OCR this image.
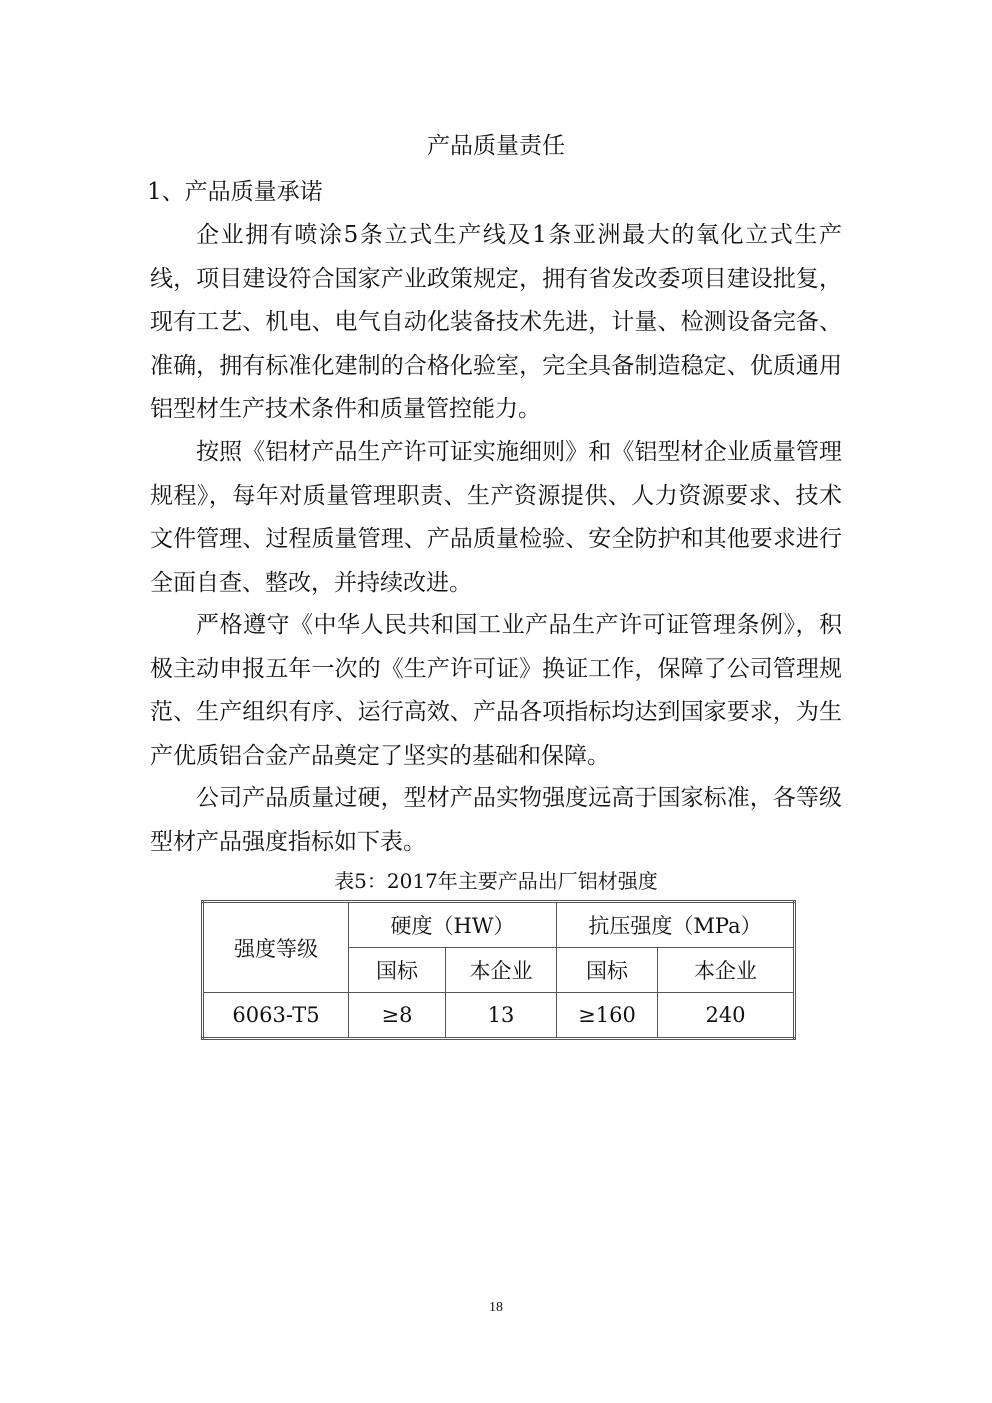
产品质量责任
1、产品质量承诺

企业拥有喷涂5条立式生产线及1条亚洲最大的氧化立式生产线，项目建设符合国家产业政策规定，拥有省发改委项目建设批复，现有工艺、机电、电气自动化装备技术先进，计量、检测设备完备、准确，拥有标准化建制的合格化验室，完全具备制造稳定、优质通用铝型材生产技术条件和质量管控能力。

按照《铝材产品生产许可证实施细则》和《铝型材企业质量管理规程》，每年对质量管理职责、生产资源提供、人力资源要求、技术文件管理、过程质量管理、产品质量检验、安全防护和其他要求进行全面自查、整改，并持续改进。

严格遵守《中华人民共和国工业产品生产许可证管理条例》，积极主动申报五年一次的《生产许可证》换证工作，保障了公司管理规范、生产组织有序、运行高效、产品各项指标均达到国家要求，为生产优质铝合金产品奠定了坚实的基础和保障。

公司产品质量过硬，型材产品实物强度远高于国家标准，各等级型材产品强度指标如下表。

表5：2017年主要产品出厂铝材强度
强度等级	硬度（HW）		抗压强度（MPa）	
	国标	本企业	国标	本企业
6063-T5	≥8	13	≥160	240
18
